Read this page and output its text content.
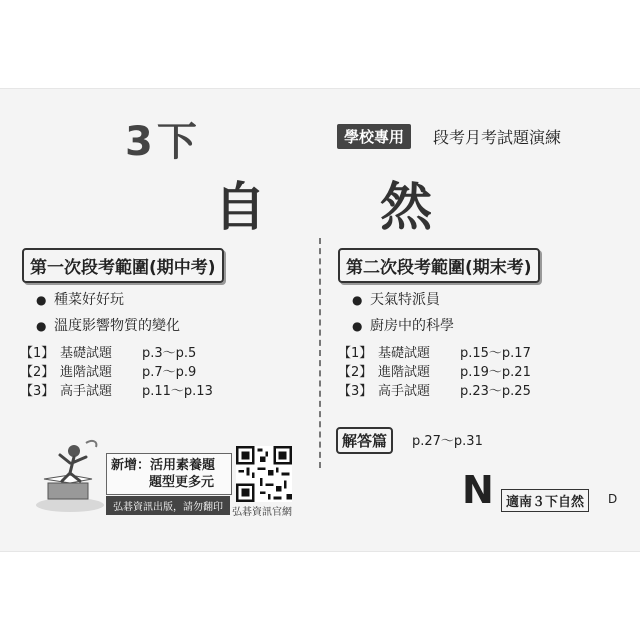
3下	學校專用	段考月考試題演練
自 然
第一次段考範圍(期中考)
● 種菜好好玩
● 溫度影響物質的變化
【1】 基礎試題 p.3～p.5
【2】 進階試題 p.7～p.9
【3】 高手試題 p.11～p.13
第二次段考範圍(期末考)
● 天氣特派員
● 廚房中的科學
【1】 基礎試題 p.15～p.17
【2】 進階試題 p.19～p.21
【3】 高手試題 p.23～p.25
解答篇	p.27～p.31
新增：活用素養題
題型更多元
弘碁資訊出版，請勿翻印 弘碁資訊官網
N 適南３下自然	D
